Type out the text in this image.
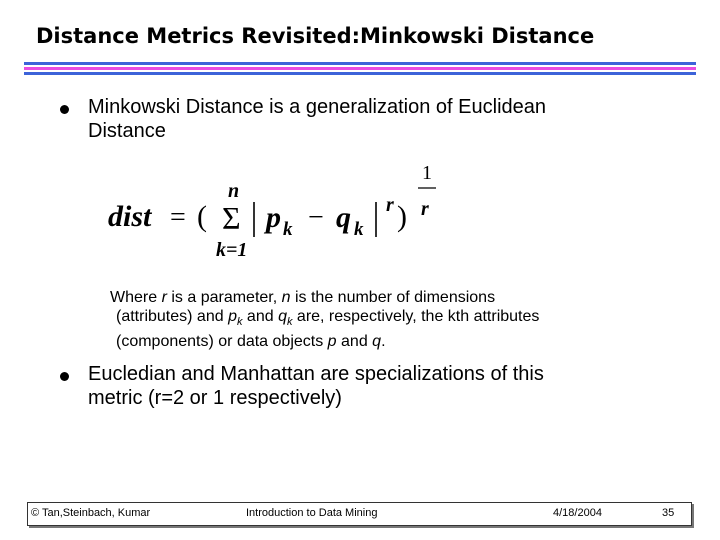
Distance Metrics Revisited:Minkowski Distance
Minkowski Distance is a generalization of Euclidean
Distance
dist = (
n
Σ
k=1
p k − q k
r )
1
r
Where r is a parameter, n is the number of dimensions
(attributes) and $p_k$ and $q_k$ are, respectively, the kth attributes
(components) or data objects p and q.
Eucledian and Manhattan are specializations of this
metric (r=2 or 1 respectively)
© Tan,Steinbach, Kumar	Introduction to Data Mining	4/18/2004	35
